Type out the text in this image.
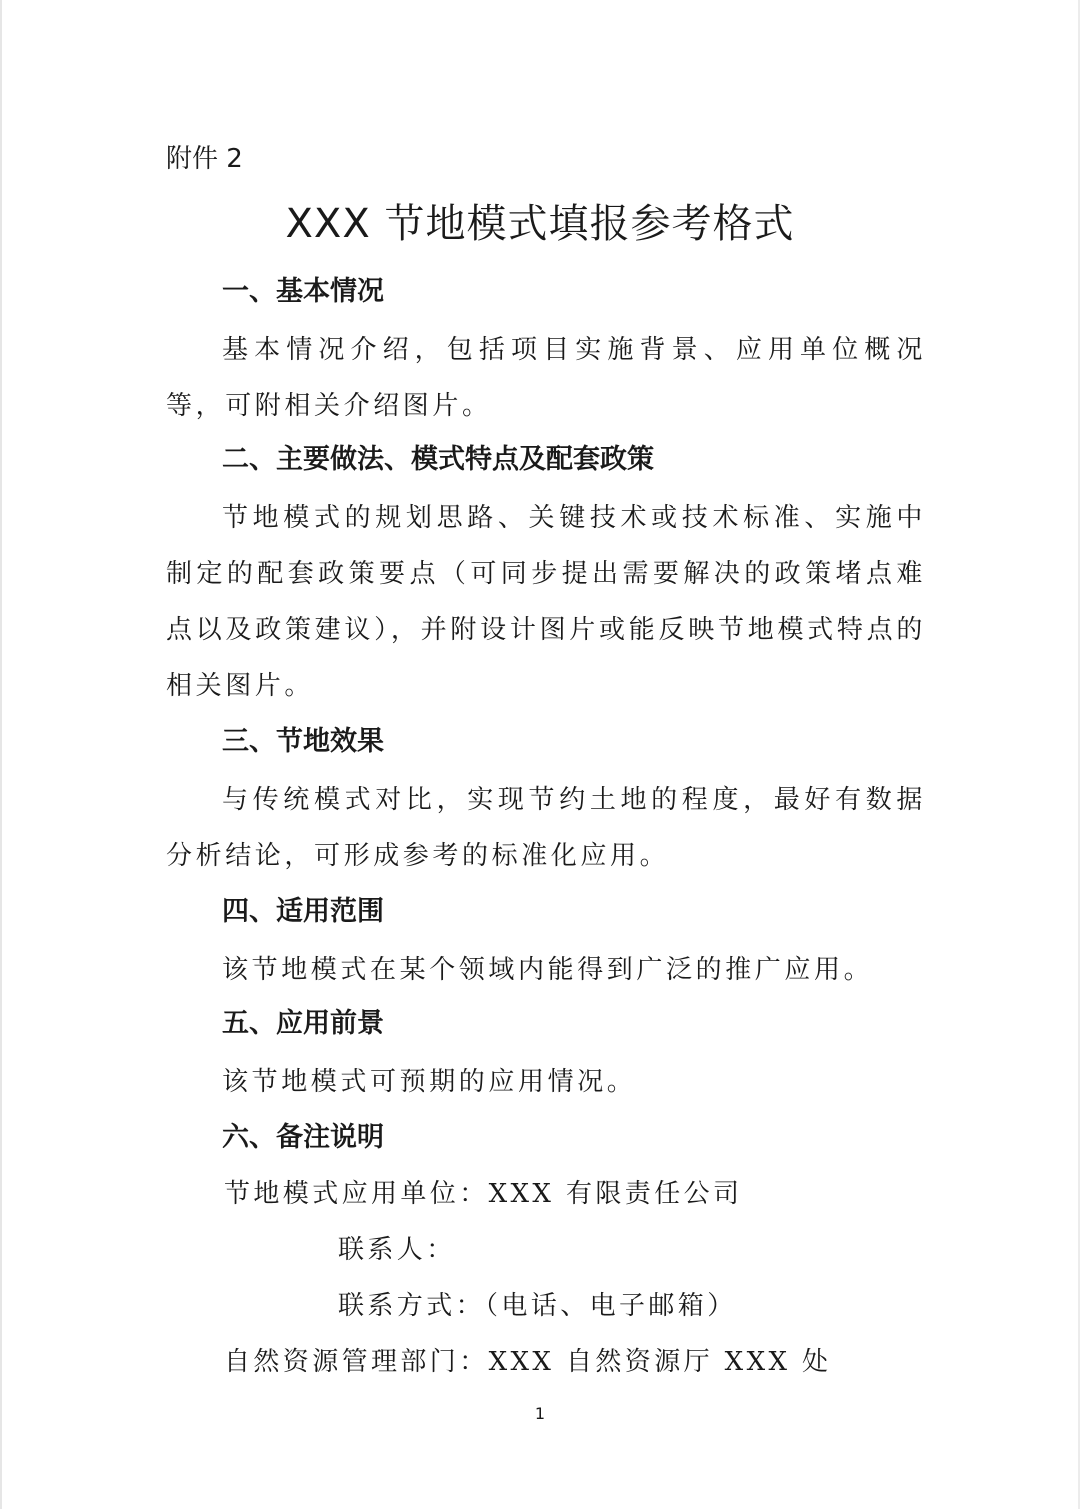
附件 2
XXX 节地模式填报参考格式
一、基本情况
基本情况介绍，包括项目实施背景、应用单位概况等，可附相关介绍图片。
二、主要做法、模式特点及配套政策
节地模式的规划思路、关键技术或技术标准、实施中制定的配套政策要点（可同步提出需要解决的政策堵点难点以及政策建议），并附设计图片或能反映节地模式特点的相关图片。
三、节地效果
与传统模式对比，实现节约土地的程度，最好有数据分析结论，可形成参考的标准化应用。
四、适用范围
该节地模式在某个领域内能得到广泛的推广应用。
五、应用前景
该节地模式可预期的应用情况。
六、备注说明
节地模式应用单位：XXX 有限责任公司
联系人：
联系方式：（电话、电子邮箱）
自然资源管理部门：XXX 自然资源厅 XXX 处
1
